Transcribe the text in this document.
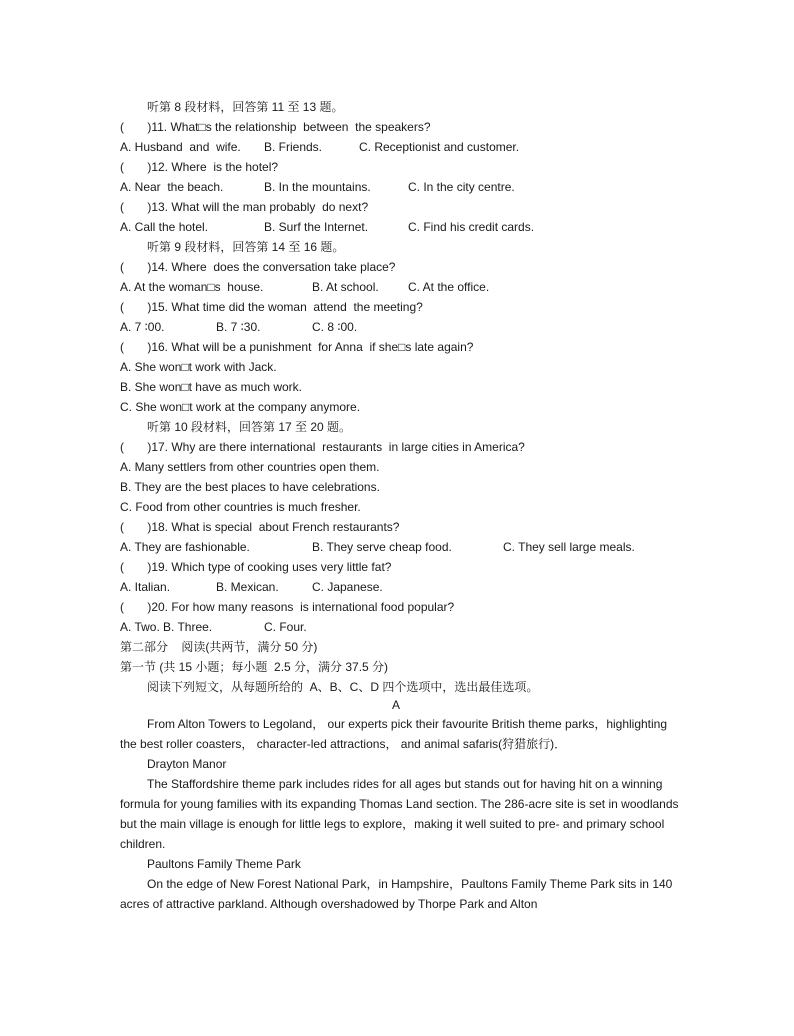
听第 8 段材料，回答第 11 至 13 题。
(       )11. What□s the relationship  between  the speakers?
A. Husband  and  wife. B. Friends.	C. Receptionist and customer.
(       )12. Where  is the hotel?
A. Near  the beach.	B. In the mountains.	C. In the city centre.
(       )13. What will the man probably  do next?
A. Call the hotel.	B. Surf the Internet.	C. Find his credit cards.
听第 9 段材料，回答第 14 至 16 题。
(       )14. Where  does the conversation take place?
A. At the woman□s  house.	B. At school. C. At the office.
(       )15. What time did the woman  attend  the meeting?
A. 7 ∶00.	B. 7 ∶30.	C. 8 ∶00.
(       )16. What will be a punishment  for Anna  if she□s late again?
A. She won□t work with Jack.
B. She won□t have as much work.
C. She won□t work at the company anymore.
听第 10 段材料，回答第 17 至 20 题。
(       )17. Why are there international  restaurants  in large cities in America?
A. Many settlers from other countries open them.
B. They are the best places to have celebrations.
C. Food from other countries is much fresher.
(       )18. What is special  about French restaurants?
A. They are fashionable.	B. They serve cheap food.	C. They sell large meals.
(       )19. Which type of cooking uses very little fat?
A. Italian.	B. Mexican.	C. Japanese.
(       )20. For how many reasons  is international food popular?
A. Two. B. Three.	C. Four.
第二部分    阅读(共两节，满分 50 分)
第一节 (共 15 小题；每小题  2.5 分，满分 37.5 分)
阅读下列短文，从每题所给的  A、B、C、D 四个选项中，选出最佳选项。
A
From Alton Towers to Legoland， our experts pick their favourite British theme parks，highlighting the best roller coasters， character-led attractions， and animal safaris(狩猎旅行)．
Drayton Manor
The Staffordshire theme park includes rides for all ages but stands out for having hit on a winning formula for young families with its expanding Thomas Land section. The 286-acre site is set in woodlands but the main village is enough for little legs to explore，making it well suited to pre- and primary school children.
Paultons Family Theme Park
On the edge of New Forest National Park，in Hampshire，Paultons Family Theme Park sits in 140 acres of attractive parkland. Although overshadowed by Thorpe Park and Alton
